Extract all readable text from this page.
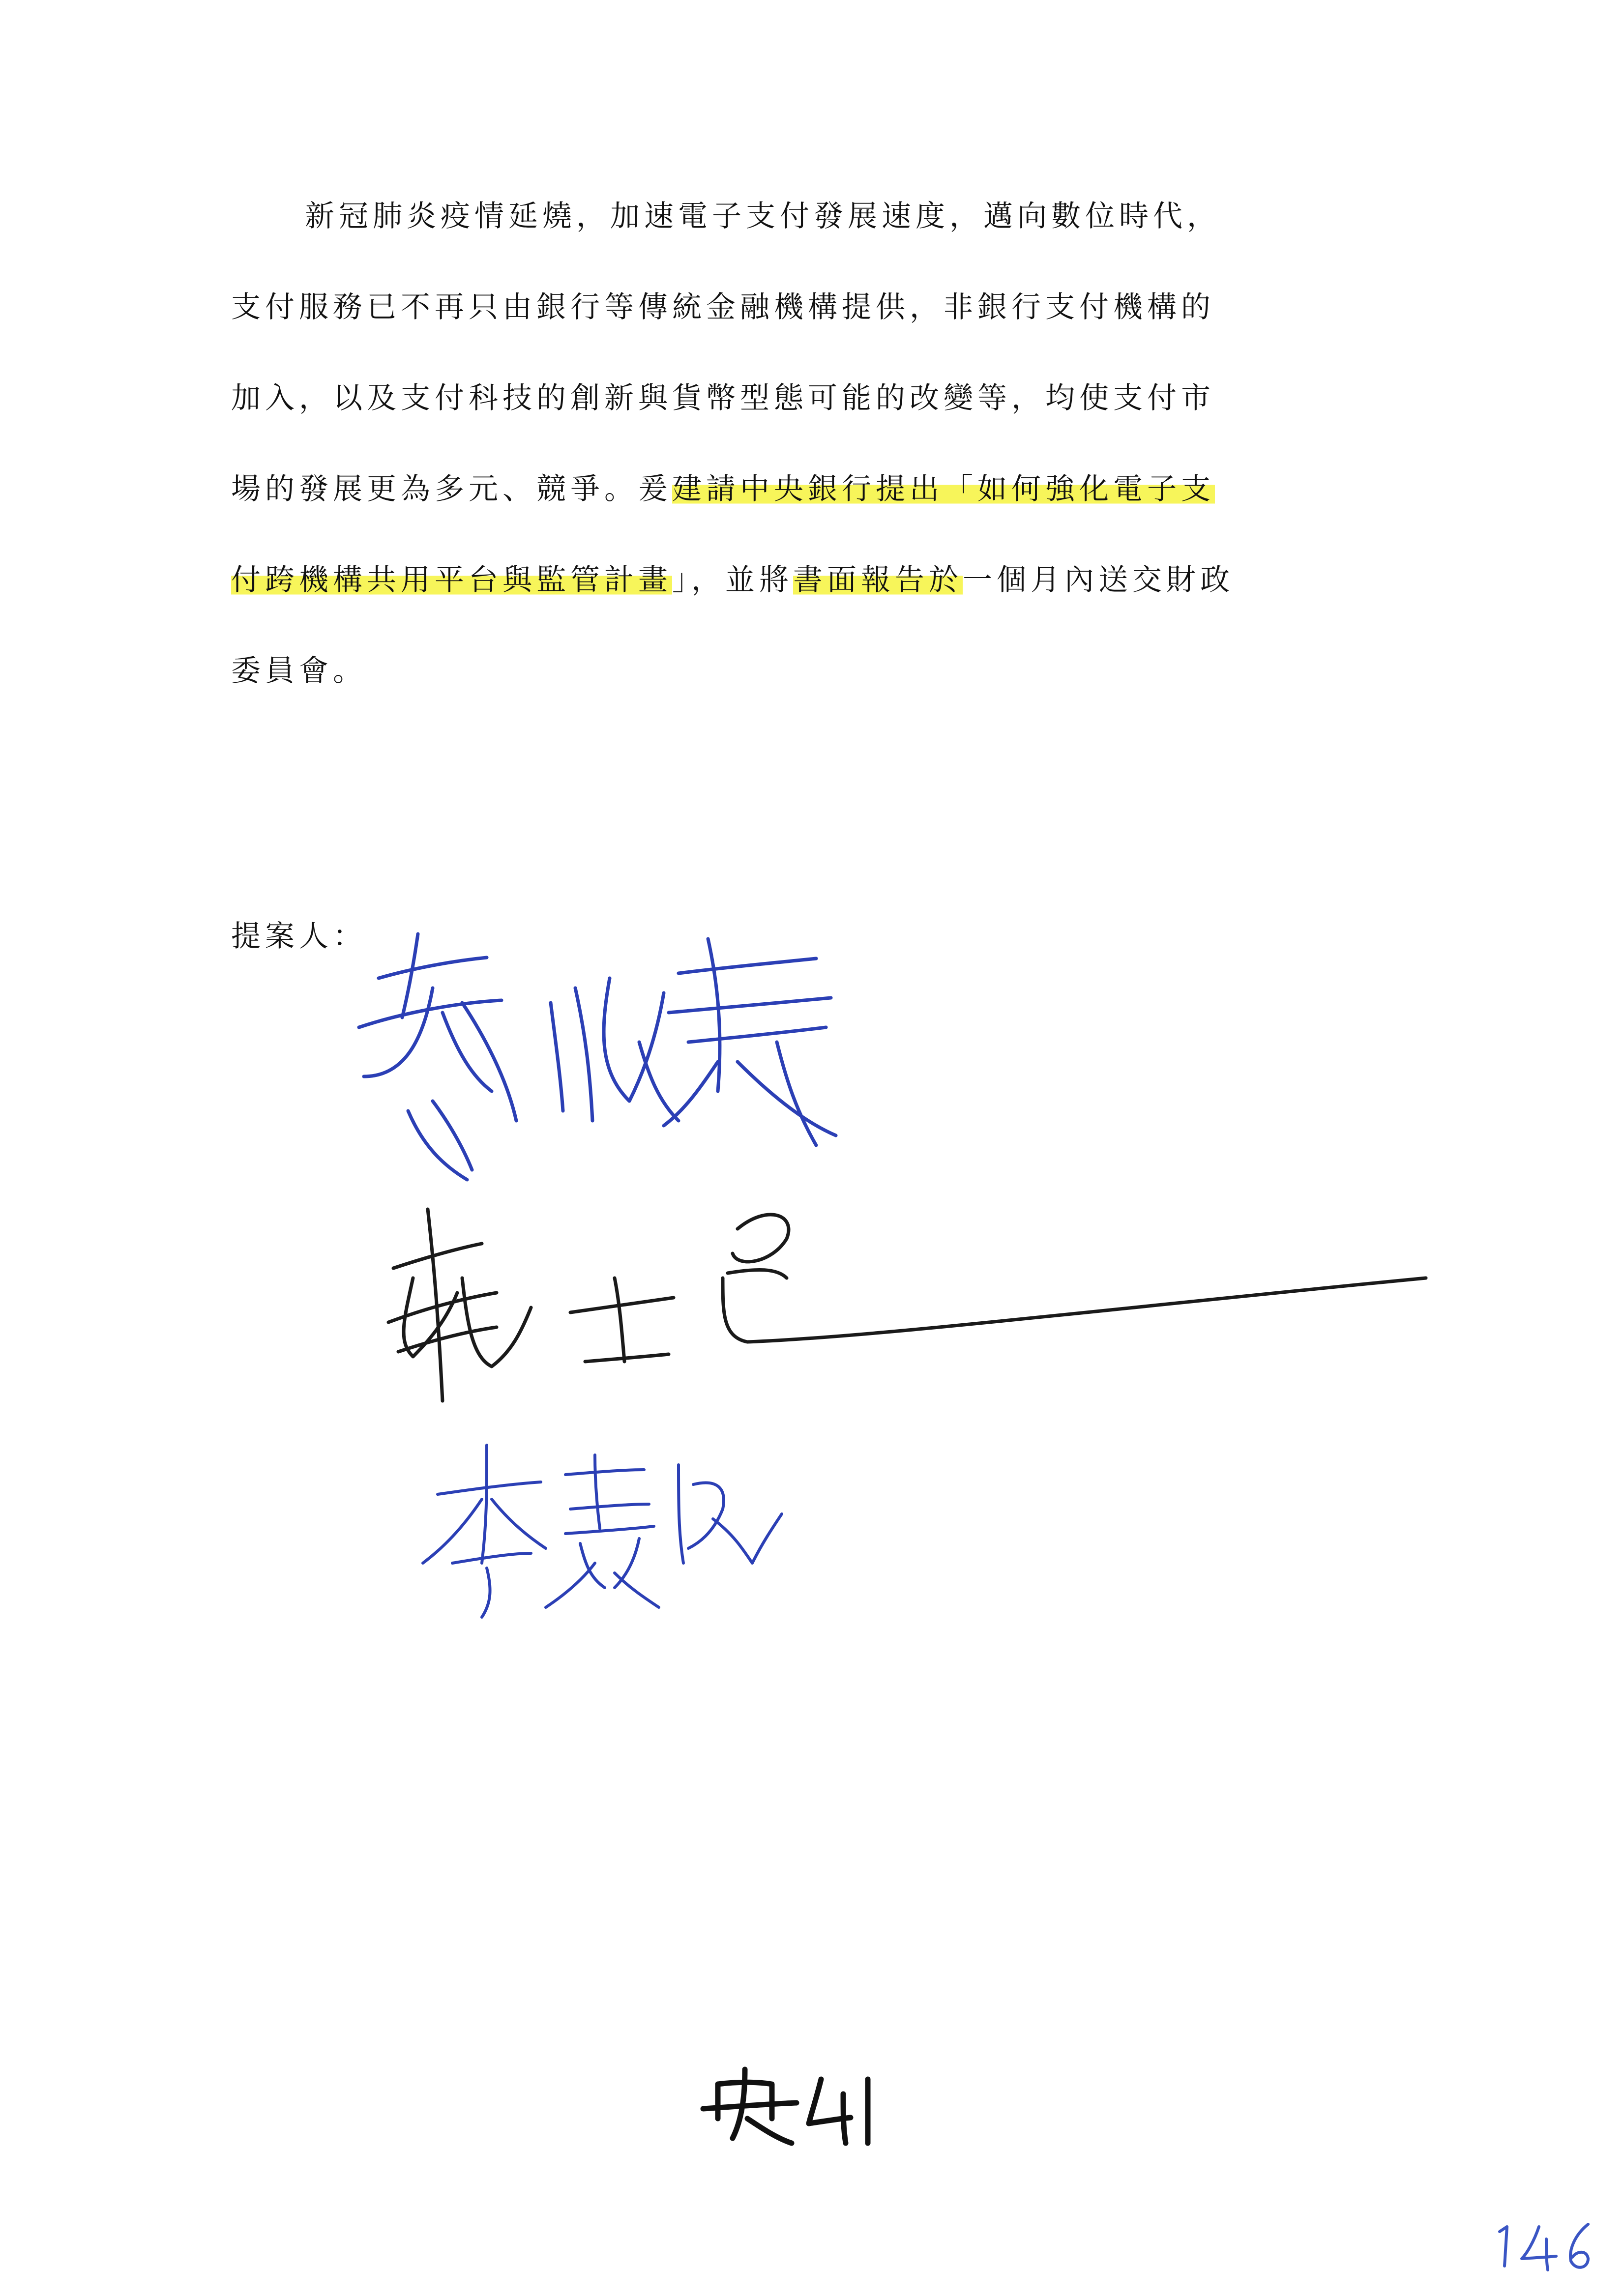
新冠肺炎疫情延燒，加速電子支付發展速度，邁向數位時代，
支付服務已不再只由銀行等傳統金融機構提供，非銀行支付機構的
加入，以及支付科技的創新與貨幣型態可能的改變等，均使支付市
場的發展更為多元、競爭。爰建請中央銀行提出「如何強化電子支
付跨機構共用平台與監管計畫」，並將書面報告於一個月內送交財政
委員會。
提案人：
